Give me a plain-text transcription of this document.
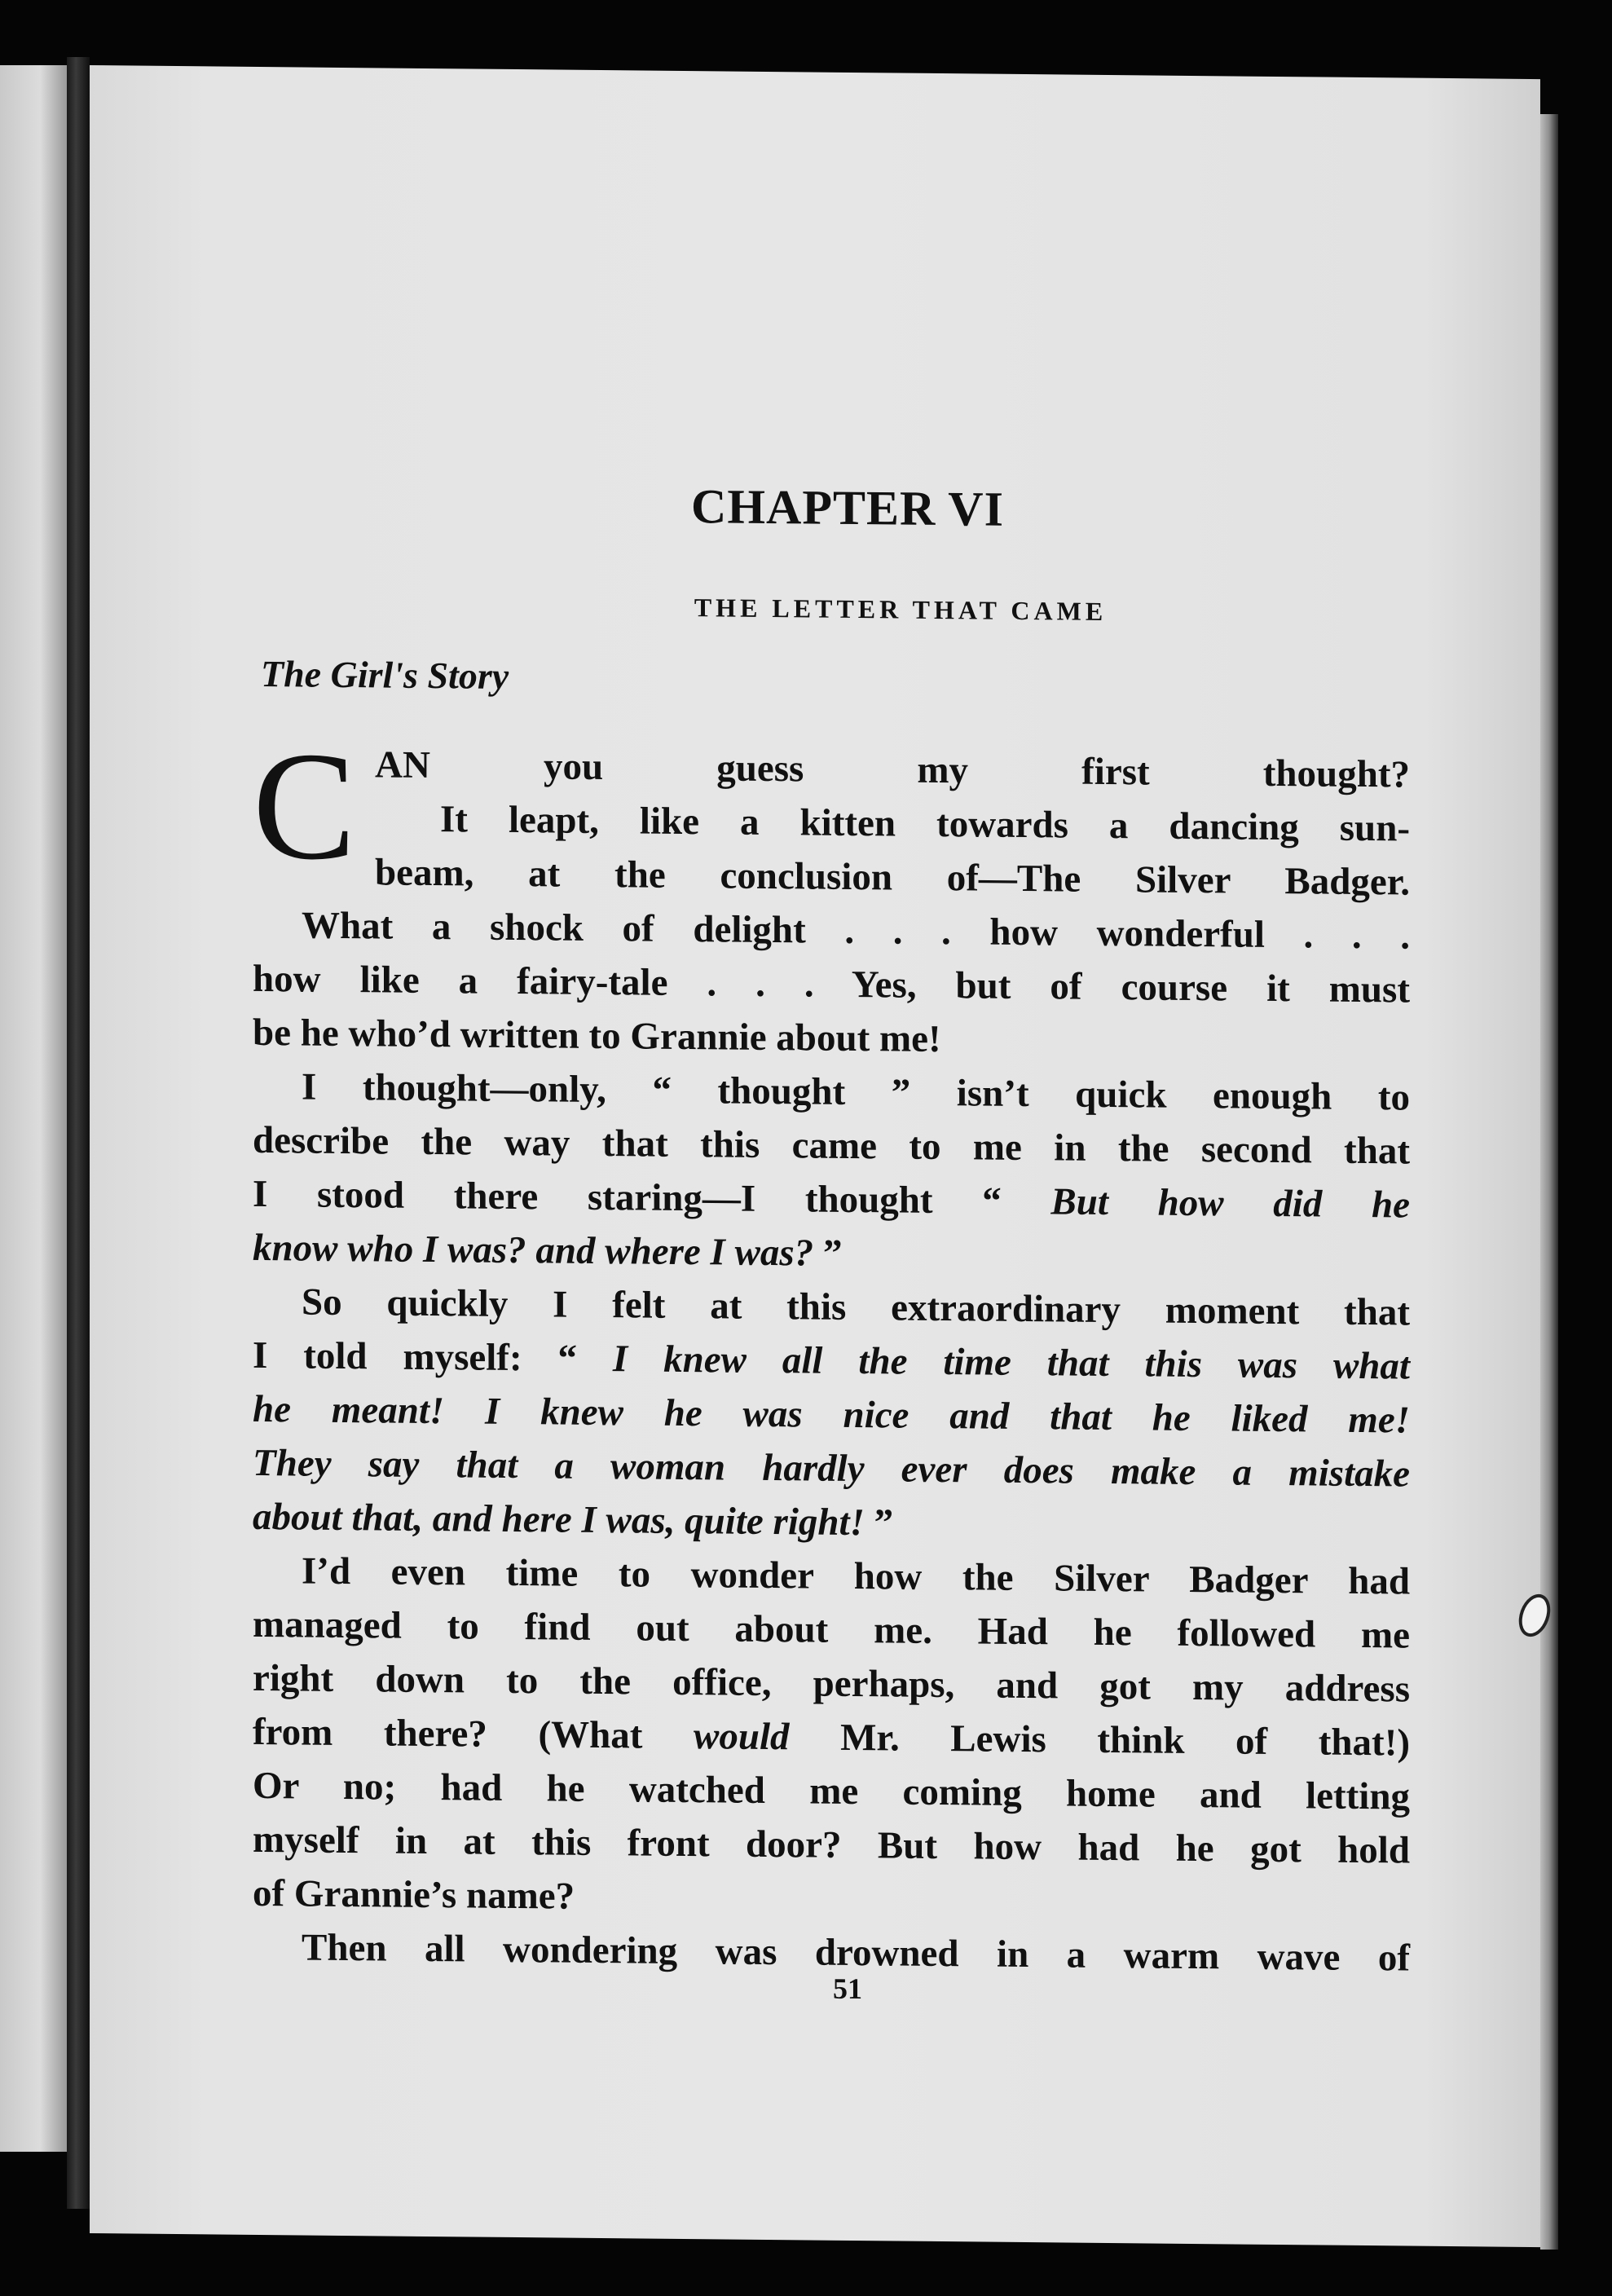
CHAPTER VI
THE LETTER THAT CAME
The Girl's Story
C AN you guess my first thought?
It leapt, like a kitten towards a dancing sun-
beam, at the conclusion of—The Silver Badger.
What a shock of delight . . . how wonderful . . .
how like a fairy-tale . . . Yes, but of course it must
be he who’d written to Grannie about me!
I thought—only, “ thought ” isn’t quick enough to
describe the way that this came to me in the second that
I stood there staring—I thought “ But how did he
know who I was? and where I was? ”
So quickly I felt at this extraordinary moment that
I told myself: “ I knew all the time that this was what
he meant! I knew he was nice and that he liked me!
They say that a woman hardly ever does make a mistake
about that, and here I was, quite right! ”
I’d even time to wonder how the Silver Badger had
managed to find out about me. Had he followed me
right down to the office, perhaps, and got my address
from there? (What would Mr. Lewis think of that!)
Or no; had he watched me coming home and letting
myself in at this front door? But how had he got hold
of Grannie’s name?
Then all wondering was drowned in a warm wave of
51
